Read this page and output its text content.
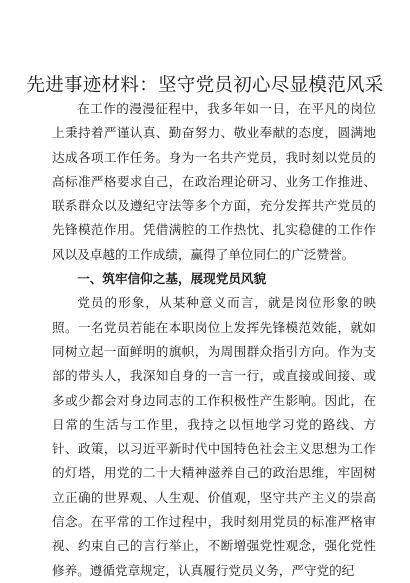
先进事迹材料：坚守党员初心尽显模范风采

在工作的漫漫征程中，我多年如一日，在平凡的岗位上秉持着严谨认真、勤奋努力、敬业奉献的态度，圆满地达成各项工作任务。身为一名共产党员，我时刻以党员的高标准严格要求自己，在政治理论研习、业务工作推进、联系群众以及遵纪守法等多个方面，充分发挥共产党员的先锋模范作用。凭借满腔的工作热忱、扎实稳健的工作作风以及卓越的工作成绩，赢得了单位同仁的广泛赞誉。

一、筑牢信仰之基，展现党员风貌

党员的形象，从某种意义而言，就是岗位形象的映照。一名党员若能在本职岗位上发挥先锋模范效能，就如同树立起一面鲜明的旗帜，为周围群众指引方向。作为支部的带头人，我深知自身的一言一行，或直接或间接、或多或少都会对身边同志的工作积极性产生影响。因此，在日常的生活与工作里，我持之以恒地学习党的路线、方针、政策，以习近平新时代中国特色社会主义思想为工作的灯塔，用党的二十大精神滋养自己的政治思维，牢固树立正确的世界观、人生观、价值观，坚守共产主义的崇高信念。在平常的工作过程中，我时刻用党员的标准严格审视、约束自己的言行举止，不断增强党性观念，强化党性修养。遵循党章规定，认真履行党员义务，严守党的纪
